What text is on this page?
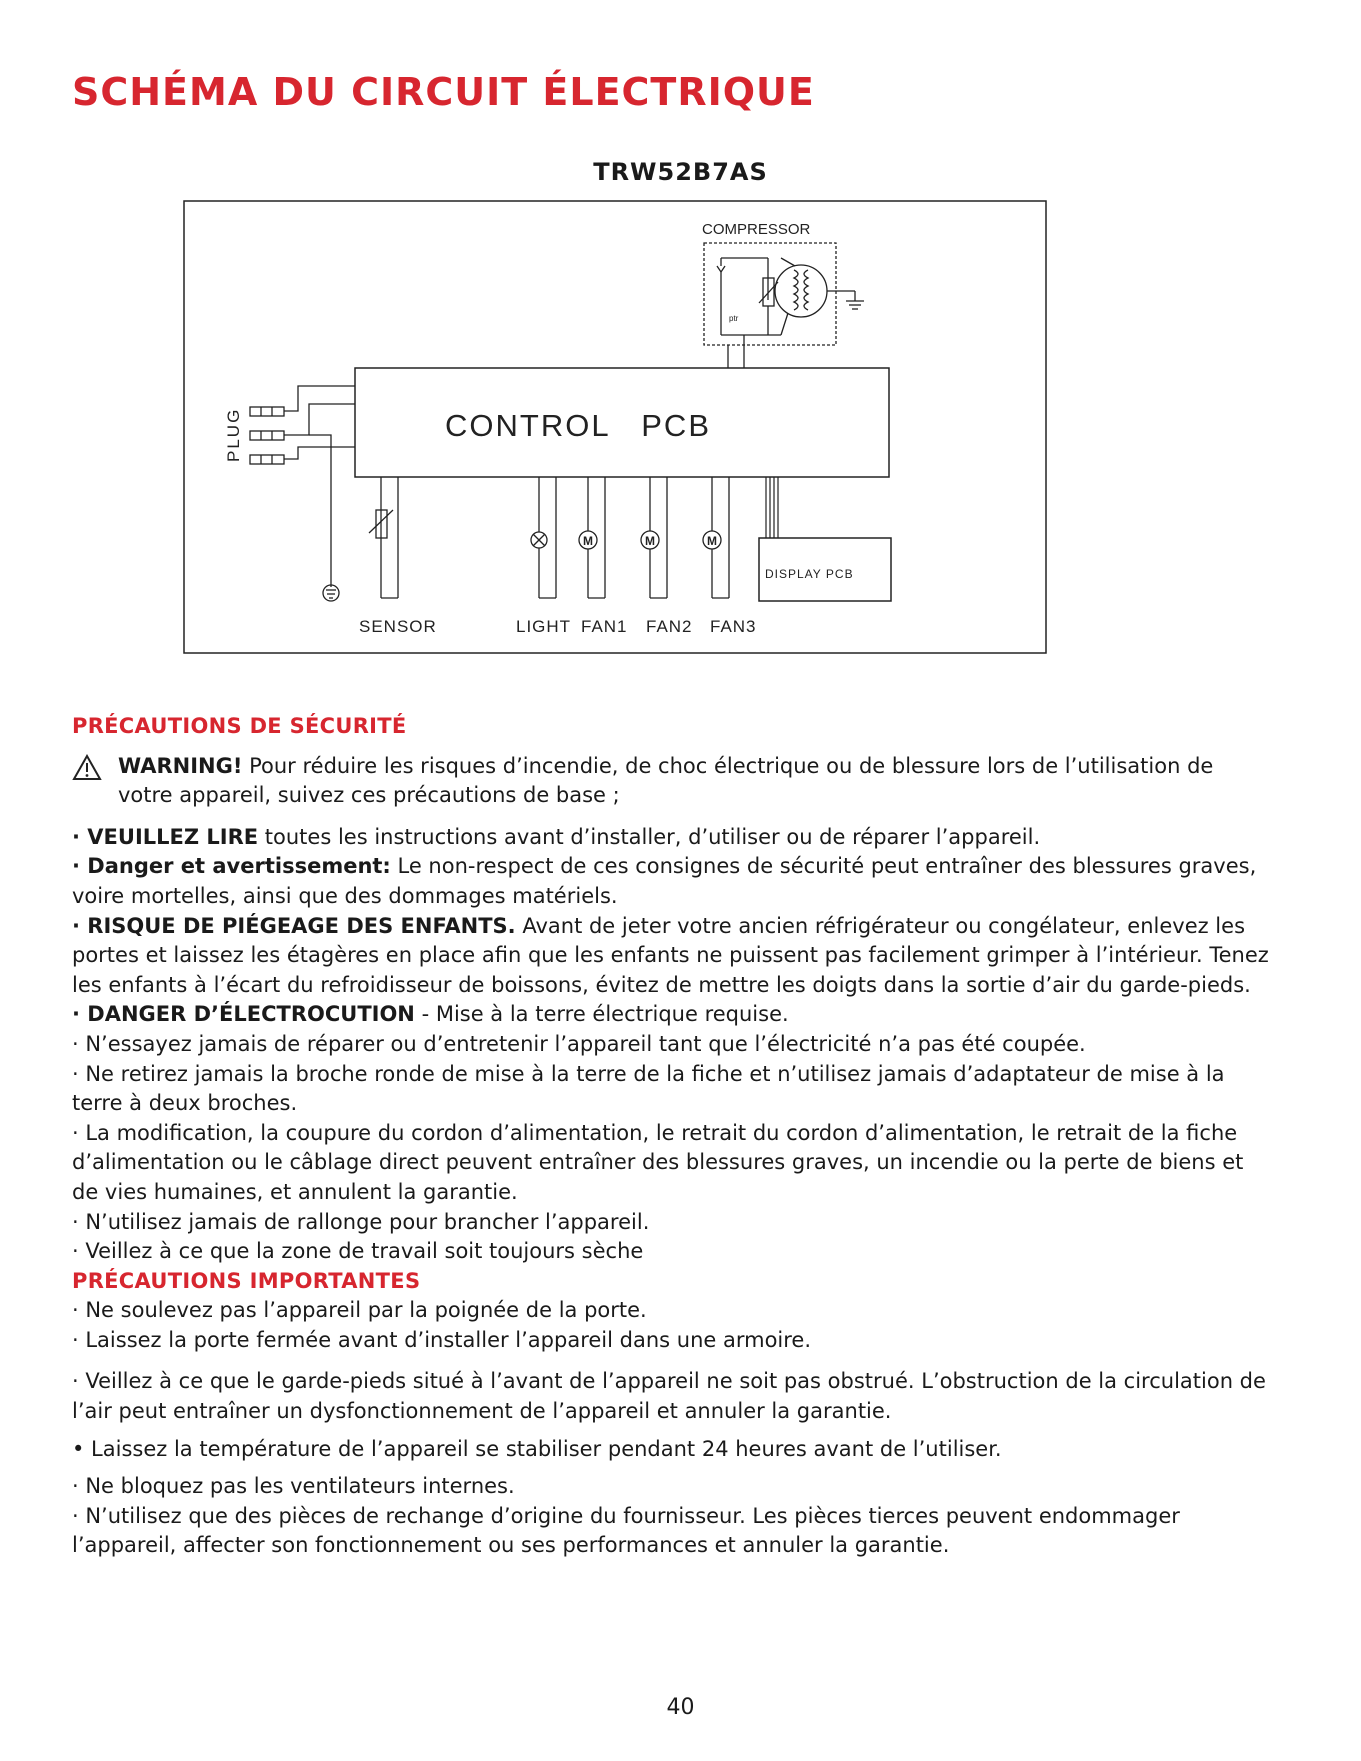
SCHÉMA DU CIRCUIT ÉLECTRIQUE
TRW52B7AS
COMPRESSOR
ptr
CONTROL   PCB
PLUG
SENSOR	LIGHT
M
FAN1
M
FAN2
M
FAN3
DISPLAY PCB

PRÉCAUTIONS DE SÉCURITÉ

WARNING! Pour réduire les risques d’incendie, de choc électrique ou de blessure lors de l’utilisation de votre appareil, suivez ces précautions de base ;

· VEUILLEZ LIRE toutes les instructions avant d’installer, d’utiliser ou de réparer l’appareil.

· Danger et avertissement: Le non-respect de ces consignes de sécurité peut entraîner des blessures graves, voire mortelles, ainsi que des dommages matériels.

· RISQUE DE PIÉGEAGE DES ENFANTS. Avant de jeter votre ancien réfrigérateur ou congélateur, enlevez les portes et laissez les étagères en place afin que les enfants ne puissent pas facilement grimper à l’intérieur. Tenez les enfants à l’écart du refroidisseur de boissons, évitez de mettre les doigts dans la sortie d’air du garde-pieds.

· DANGER D’ÉLECTROCUTION - Mise à la terre électrique requise.

· N’essayez jamais de réparer ou d’entretenir l’appareil tant que l’électricité n’a pas été coupée.

· Ne retirez jamais la broche ronde de mise à la terre de la fiche et n’utilisez jamais d’adaptateur de mise à la terre à deux broches.

· La modification, la coupure du cordon d’alimentation, le retrait du cordon d’alimentation, le retrait de la fiche d’alimentation ou le câblage direct peuvent entraîner des blessures graves, un incendie ou la perte de biens et de vies humaines, et annulent la garantie.

· N’utilisez jamais de rallonge pour brancher l’appareil.

· Veillez à ce que la zone de travail soit toujours sèche

PRÉCAUTIONS IMPORTANTES

· Ne soulevez pas l’appareil par la poignée de la porte.

· Laissez la porte fermée avant d’installer l’appareil dans une armoire.

· Veillez à ce que le garde-pieds situé à l’avant de l’appareil ne soit pas obstrué. L’obstruction de la circulation de l’air peut entraîner un dysfonctionnement de l’appareil et annuler la garantie.

• Laissez la température de l’appareil se stabiliser pendant 24 heures avant de l’utiliser.

· Ne bloquez pas les ventilateurs internes.

· N’utilisez que des pièces de rechange d’origine du fournisseur. Les pièces tierces peuvent endommager l’appareil, affecter son fonctionnement ou ses performances et annuler la garantie.

40
